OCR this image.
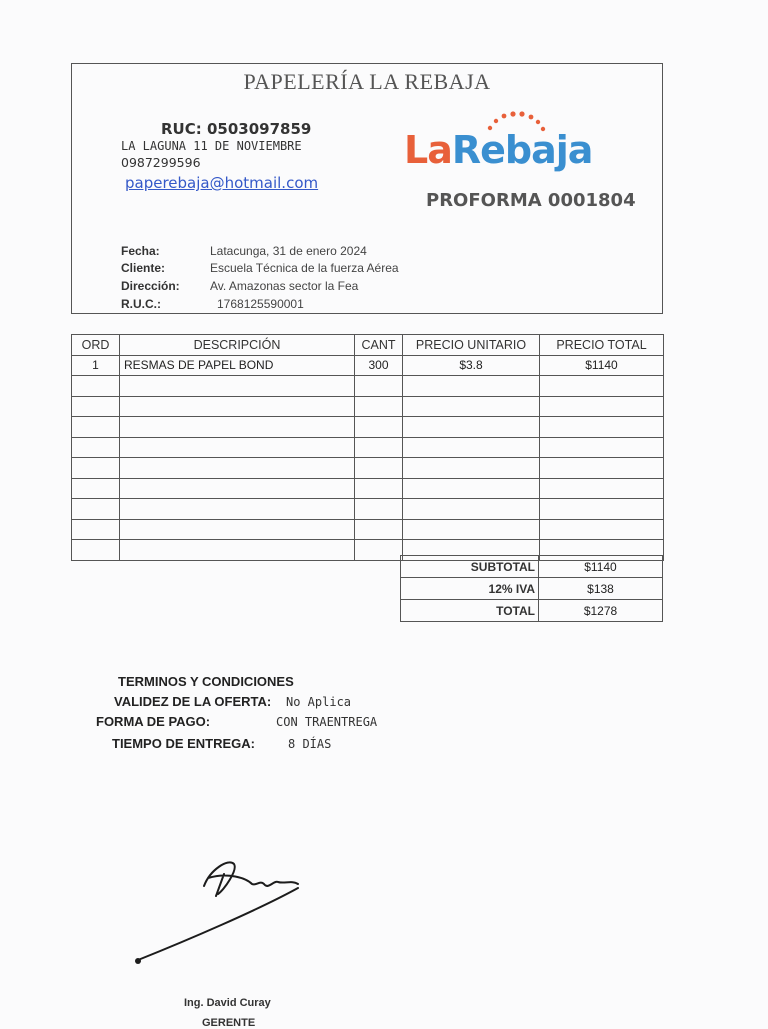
PAPELERÍA LA REBAJA
RUC: 0503097859
LA LAGUNA 11 DE NOVIEMBRE
0987299596
paperebaja@hotmail.com
LaRebaja
PROFORMA 0001804
Fecha:	Latacunga, 31 de enero 2024
Cliente:	Escuela Técnica de la fuerza Aérea
Dirección:	Av. Amazonas sector la Fea
R.U.C.:	1768125590001
ORD	DESCRIPCIÓN	CANT	PRECIO UNITARIO	PRECIO TOTAL
1	RESMAS DE PAPEL BOND	300	$3.8	$1140

SUBTOTAL	$1140
12% IVA	$138
TOTAL	$1278
TERMINOS Y CONDICIONES
VALIDEZ DE LA OFERTA: No Aplica
FORMA DE PAGO:	CON TRAENTREGA
TIEMPO DE ENTREGA:	8 DÍAS
Ing. David Curay
GERENTE
